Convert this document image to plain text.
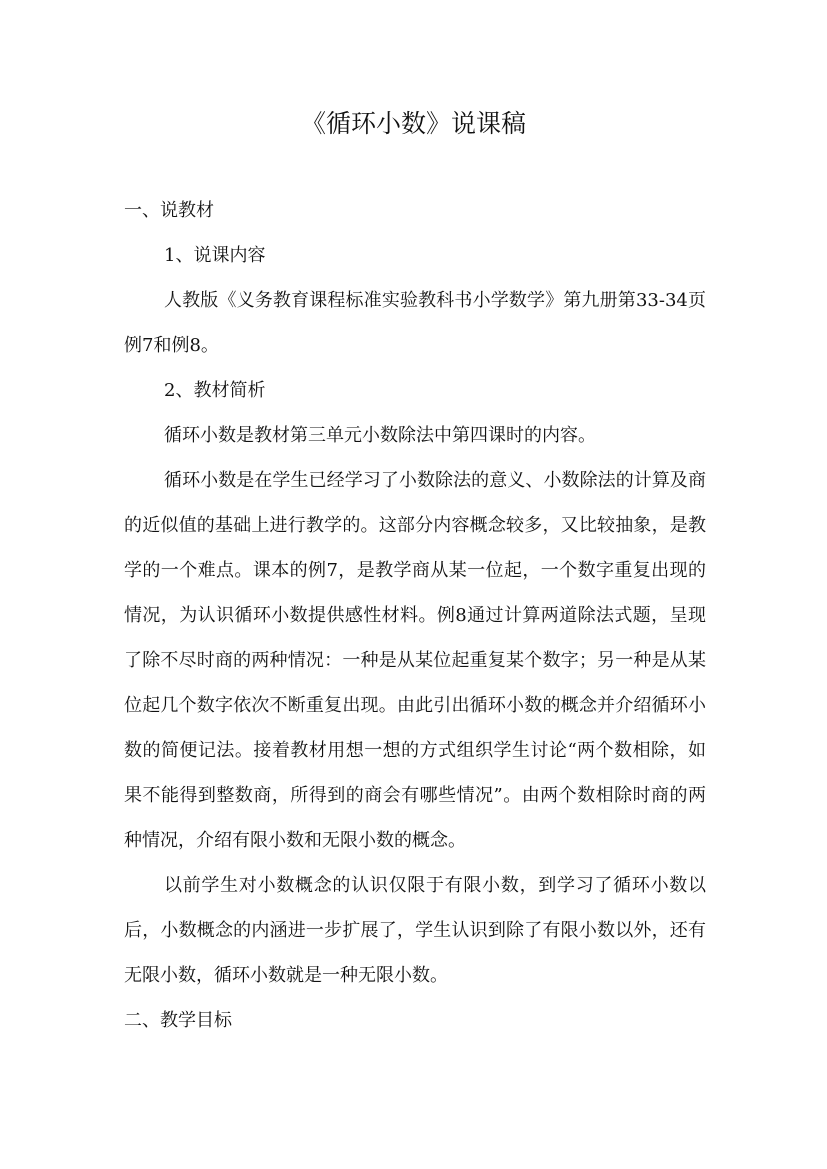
《循环小数》说课稿

一、说教材

1、说课内容

人教版《义务教育课程标准实验教科书小学数学》第九册第33-34页例7和例8。

2、教材简析

循环小数是教材第三单元小数除法中第四课时的内容。

循环小数是在学生已经学习了小数除法的意义、小数除法的计算及商的近似值的基础上进行教学的。这部分内容概念较多，又比较抽象，是教学的一个难点。课本的例7，是教学商从某一位起，一个数字重复出现的情况，为认识循环小数提供感性材料。例8通过计算两道除法式题，呈现了除不尽时商的两种情况：一种是从某位起重复某个数字；另一种是从某位起几个数字依次不断重复出现。由此引出循环小数的概念并介绍循环小数的简便记法。接着教材用想一想的方式组织学生讨论“两个数相除，如果不能得到整数商，所得到的商会有哪些情况”。由两个数相除时商的两种情况，介绍有限小数和无限小数的概念。

以前学生对小数概念的认识仅限于有限小数，到学习了循环小数以后，小数概念的内涵进一步扩展了，学生认识到除了有限小数以外，还有无限小数，循环小数就是一种无限小数。

二、教学目标
